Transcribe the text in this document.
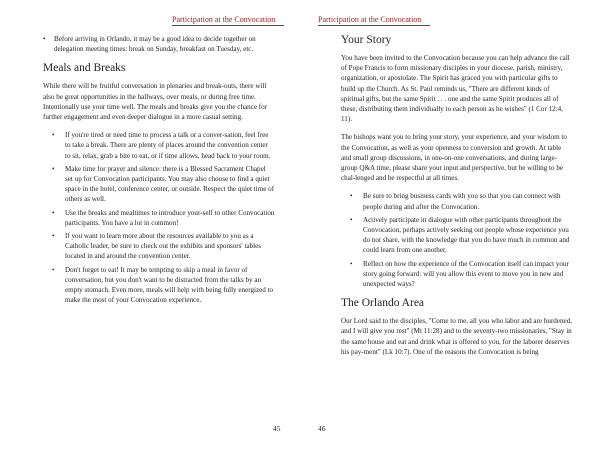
Participation at the Convocation
• Before arriving in Orlando, it may be a good idea to decide together on delegation meeting times: break on Sunday, breakfast on Tuesday, etc.
Meals and Breaks

While there will be fruitful conversation in plenaries and break-outs, there will also be great opportunities in the hallways, over meals, or during free time. Intentionally use your time well. The meals and breaks give you the chance for further engagement and even deeper dialogue in a more casual setting.

• If you're tired or need time to process a talk or a conver-sation, feel free to take a break. There are plenty of places around the convention center to sit, relax, grab a bite to eat, or if time allows, head back to your room.
• Make time for prayer and silence: there is a Blessed Sacrament Chapel set up for Convocation participants. You may also choose to find a quiet space in the hotel, conference center, or outside. Respect the quiet time of others as well.
• Use the breaks and mealtimes to introduce your-self to other Convocation participants. You have a lot in common!
• If you want to learn more about the resources available to you as a Catholic leader, be sure to check out the exhibits and sponsors' tables located in and around the convention center.
• Don't forget to eat! It may be tempting to skip a meal in favor of conversation, but you don't want to be distracted from the talks by an empty stomach. Even more, meals will help with being fully energized to make the most of your Convocation experience.
45
Participation at the Convocation
Your Story

You have been invited to the Convocation because you can help advance the call of Pope Francis to form missionary disciples in your diocese, parish, ministry, organization, or apostolate. The Spirit has graced you with particular gifts to build up the Church. As St. Paul reminds us, "There are different kinds of spiritual gifts, but the same Spirit . . . one and the same Spirit produces all of these, distributing them individually to each person as he wishes" (1 Cor 12:4, 11).

The bishops want you to bring your story, your experience, and your wisdom to the Convocation, as well as your openness to conversion and growth. At table and small group discussions, in one-on-one conversations, and during large-group Q&A time, please share your input and perspective, but be willing to be chal-lenged and be respectful at all times.

• Be sure to bring business cards with you so that you can connect with people during and after the Convocation.
• Actively participate in dialogue with other participants throughout the Convocation, perhaps actively seeking out people whose experience you do not share, with the knowledge that you do have much in common and could learn from one another.
• Reflect on how the experience of the Convocation itself can impact your story going forward: will you allow this event to move you in new and unexpected ways?
The Orlando Area

Our Lord said to the disciples, "Come to me, all you who labor and are burdened, and I will give you rest" (Mt 11:28) and to the seventy-two missionaries, "Stay in the same house and eat and drink what is offered to you, for the laborer deserves his pay-ment" (Lk 10:7). One of the reasons the Convocation is being

46
